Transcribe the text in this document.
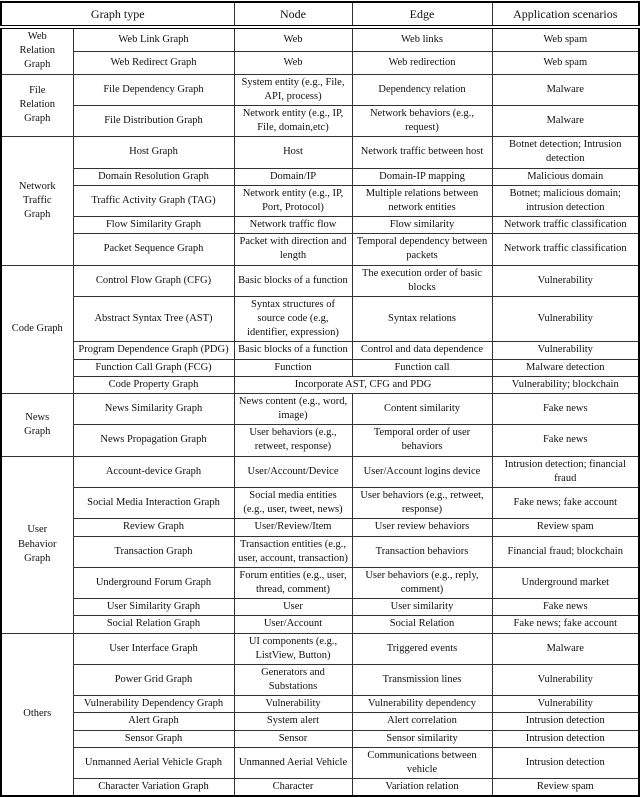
Graph type		Node	Edge	Application scenarios
Web Relation Graph	Web Link Graph	Web	Web links	Web spam
	Web Redirect Graph	Web	Web redirection	Web spam
File Relation Graph	File Dependency Graph	System entity (e.g., File, API, process)	Dependency relation	Malware
	File Distribution Graph	Network entity (e.g., IP, File, domain,etc)	Network behaviors (e.g., request)	Malware
Network Traffic Graph	Host Graph	Host	Network traffic between host	Botnet detection; Intrusion detection
	Domain Resolution Graph	Domain/IP	Domain-IP mapping	Malicious domain
	Traffic Activity Graph (TAG)	Network entity (e.g., IP, Port, Protocol)	Multiple relations between network entities	Botnet; malicious domain; intrusion detection
	Flow Similarity Graph	Network traffic flow	Flow similarity	Network traffic classification
	Packet Sequence Graph	Packet with direction and length	Temporal dependency between packets	Network traffic classification
Code Graph	Control Flow Graph (CFG)	Basic blocks of a function	The execution order of basic blocks	Vulnerability
	Abstract Syntax Tree (AST)	Syntax structures of source code (e.g, identifier, expression)	Syntax relations	Vulnerability
	Program Dependence Graph (PDG)	Basic blocks of a function	Control and data dependence	Vulnerability
	Function Call Graph (FCG)	Function	Function call	Malware detection
	Code Property Graph	Incorporate AST, CFG and PDG		Vulnerability; blockchain
News Graph	News Similarity Graph	News content (e.g., word, image)	Content similarity	Fake news
	News Propagation Graph	User behaviors (e.g., retweet, response)	Temporal order of user behaviors	Fake news
User Behavior Graph	Account-device Graph	User/Account/Device	User/Account logins device	Intrusion detection; financial fraud
	Social Media Interaction Graph	Social media entities (e.g., user, tweet, news)	User behaviors (e.g., retweet, response)	Fake news; fake account
	Review Graph	User/Review/Item	User review behaviors	Review spam
	Transaction Graph	Transaction entities (e.g., user, account, transaction)	Transaction behaviors	Financial fraud; blockchain
	Underground Forum Graph	Forum entities (e.g., user, thread, comment)	User behaviors (e.g., reply, comment)	Underground market
	User Similarity Graph	User	User similarity	Fake news
	Social Relation Graph	User/Account	Social Relation	Fake news; fake account
Others	User Interface Graph	UI components (e.g., ListView, Button)	Triggered events	Malware
	Power Grid Graph	Generators and Substations	Transmission lines	Vulnerability
	Vulnerability Dependency Graph	Vulnerability	Vulnerability dependency	Vulnerability
	Alert Graph	System alert	Alert correlation	Intrusion detection
	Sensor Graph	Sensor	Sensor similarity	Intrusion detection
	Unmanned Aerial Vehicle Graph	Unmanned Aerial Vehicle	Communications between vehicle	Intrusion detection
	Character Variation Graph	Character	Variation relation	Review spam
